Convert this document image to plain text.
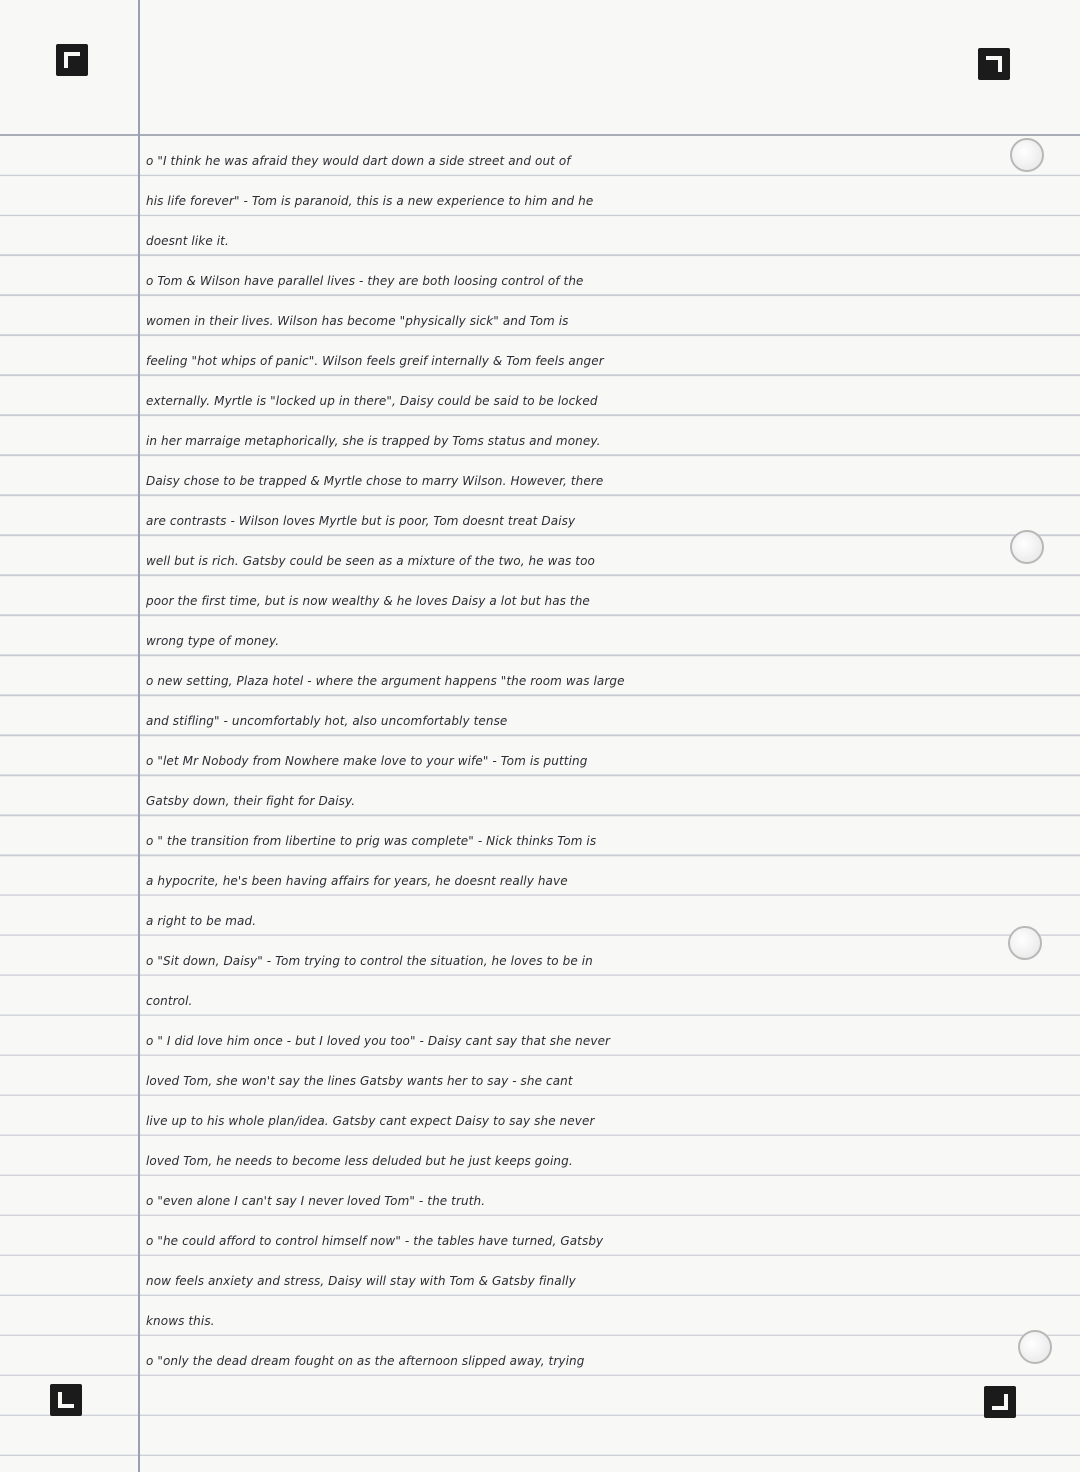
o "I think he was afraid they would dart down a side street and out of
his life forever" - Tom is paranoid, this is a new experience to him and he
doesnt like it.
o Tom & Wilson have parallel lives - they are both loosing control of the
women in their lives. Wilson has become "physically sick" and Tom is
feeling "hot whips of panic". Wilson feels greif internally & Tom feels anger
externally. Myrtle is "locked up in there", Daisy could be said to be locked
in her marraige metaphorically, she is trapped by Toms status and money.
Daisy chose to be trapped & Myrtle chose to marry Wilson. However, there
are contrasts - Wilson loves Myrtle but is poor, Tom doesnt treat Daisy
well but is rich. Gatsby could be seen as a mixture of the two, he was too
poor the first time, but is now wealthy & he loves Daisy a lot but has the
wrong type of money.
o new setting, Plaza hotel - where the argument happens "the room was large
and stifling" - uncomfortably hot, also uncomfortably tense
o "let Mr Nobody from Nowhere make love to your wife" - Tom is putting
Gatsby down, their fight for Daisy.
o " the transition from libertine to prig was complete" - Nick thinks Tom is
a hypocrite, he's been having affairs for years, he doesnt really have
a right to be mad.
o "Sit down, Daisy" - Tom trying to control the situation, he loves to be in
control.
o " I did love him once - but I loved you too" - Daisy cant say that she never
loved Tom, she won't say the lines Gatsby wants her to say - she cant
live up to his whole plan/idea. Gatsby cant expect Daisy to say she never
loved Tom, he needs to become less deluded but he just keeps going.
o "even alone I can't say I never loved Tom" - the truth.
o "he could afford to control himself now" - the tables have turned, Gatsby
now feels anxiety and stress, Daisy will stay with Tom & Gatsby finally
knows this.
o "only the dead dream fought on as the afternoon slipped away, trying
